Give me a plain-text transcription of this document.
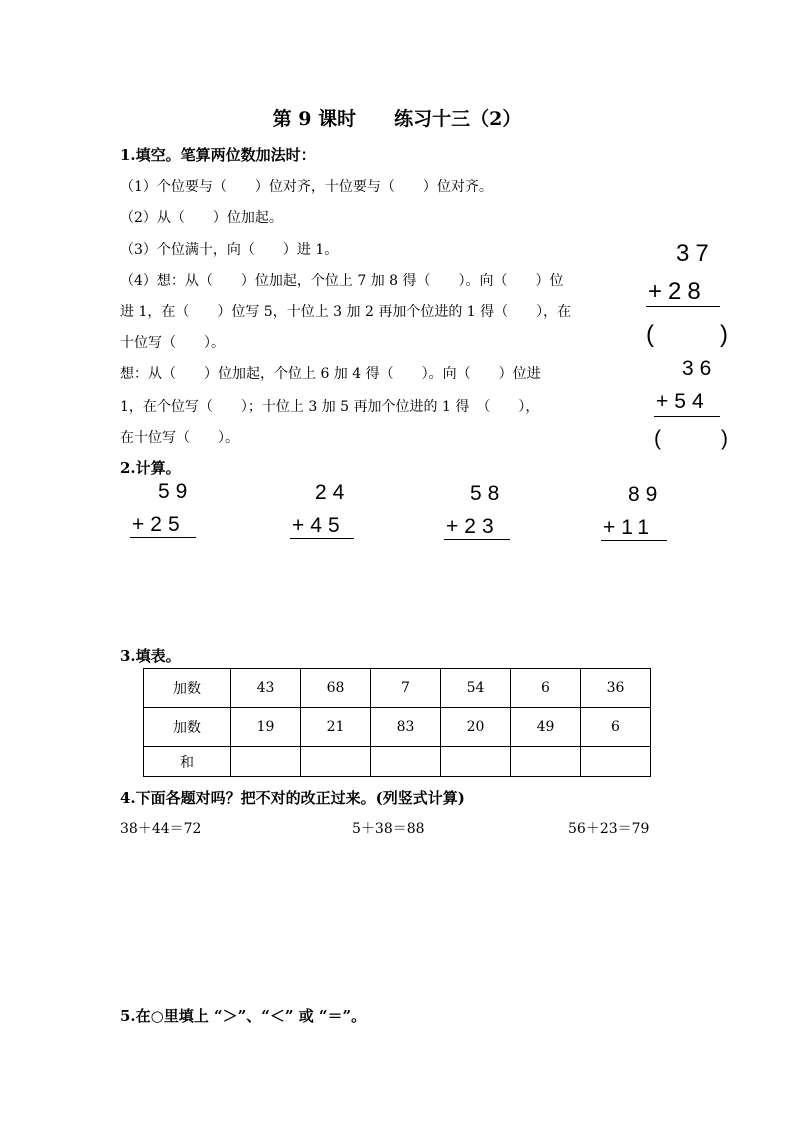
第 9 课时　　练习十三（2）
1.填空。笔算两位数加法时：
（1）个位要与（　　）位对齐，十位要与（　　）位对齐。
（2）从（　　）位加起。
（3）个位满十，向（　　）进 1。
（4）想：从（　　）位加起，个位上 7 加 8 得（　　）。向（　　）位
进 1，在（　　）位写 5，十位上 3 加 2 再加个位进的 1 得（　　），在
十位写（　　）。
想：从（　　）位加起，个位上 6 加 4 得（　　）。向（　　）位进
1，在个位写（　　）；十位上 3 加 5 再加个位进的 1 得　（　　），
在十位写（　　）。
37
+28
(　　)
36
+54
(　　)
2.计算。
59
+25
24
+45
58
+23
89
+11
3.填表。
加数	43	68	7	54	6	36
加数	19	21	83	20	49	6
和						
4.下面各题对吗？把不对的改正过来。(列竖式计算)
38＋44＝72	5＋38＝88	56＋23＝79
5.在○里填上 “＞”、“＜” 或 “＝”。
